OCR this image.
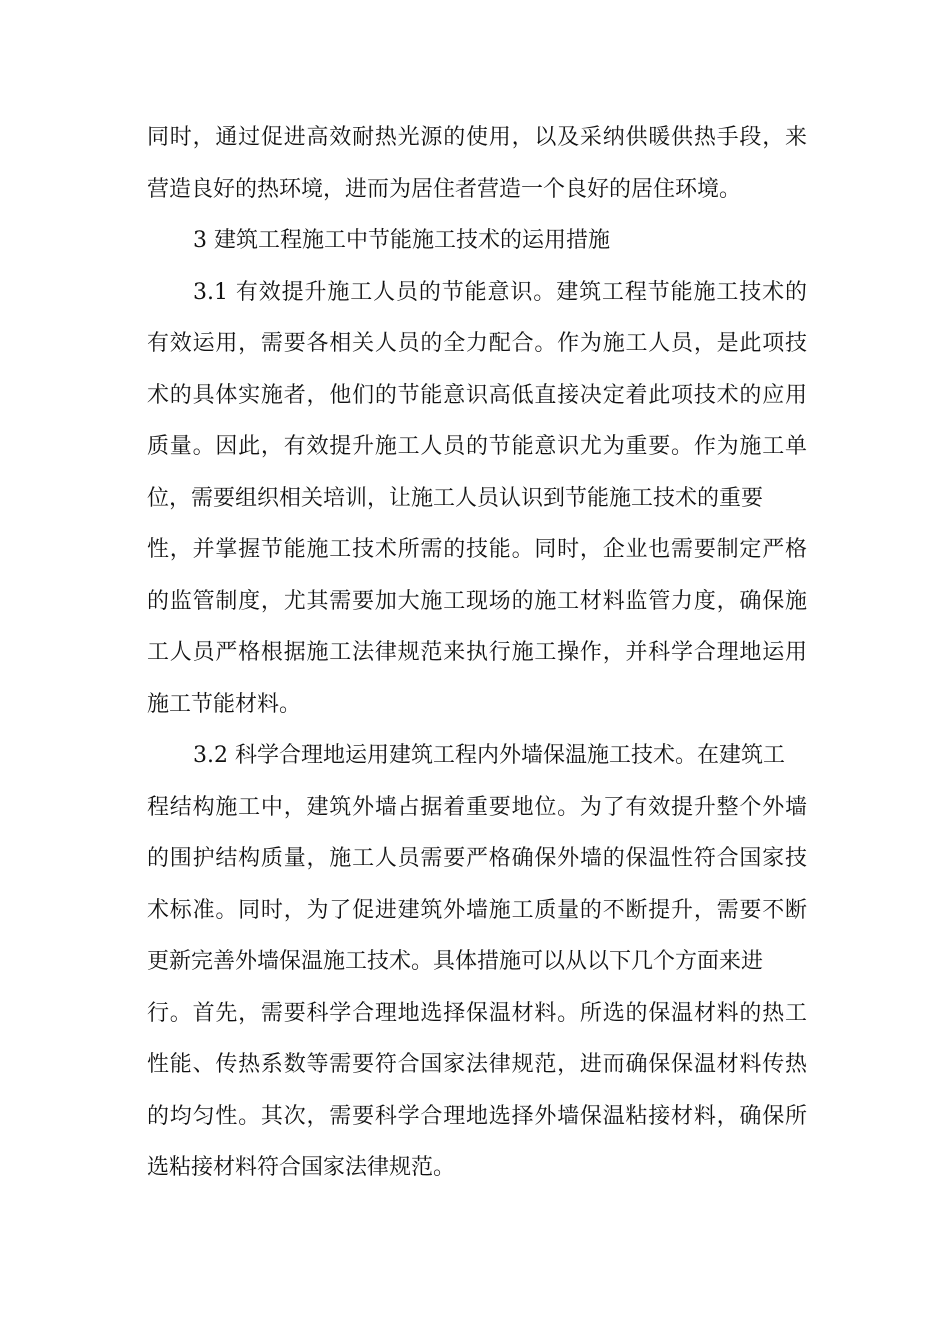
同时，通过促进高效耐热光源的使用，以及采纳供暖供热手段，来
营造良好的热环境，进而为居住者营造一个良好的居住环境。
3 建筑工程施工中节能施工技术的运用措施
3.1 有效提升施工人员的节能意识。建筑工程节能施工技术的
有效运用，需要各相关人员的全力配合。作为施工人员，是此项技
术的具体实施者，他们的节能意识高低直接决定着此项技术的应用
质量。因此，有效提升施工人员的节能意识尤为重要。作为施工单
位，需要组织相关培训，让施工人员认识到节能施工技术的重要
性，并掌握节能施工技术所需的技能。同时，企业也需要制定严格
的监管制度，尤其需要加大施工现场的施工材料监管力度，确保施
工人员严格根据施工法律规范来执行施工操作，并科学合理地运用
施工节能材料。
3.2 科学合理地运用建筑工程内外墙保温施工技术。在建筑工
程结构施工中，建筑外墙占据着重要地位。为了有效提升整个外墙
的围护结构质量，施工人员需要严格确保外墙的保温性符合国家技
术标准。同时，为了促进建筑外墙施工质量的不断提升，需要不断
更新完善外墙保温施工技术。具体措施可以从以下几个方面来进
行。首先，需要科学合理地选择保温材料。所选的保温材料的热工
性能、传热系数等需要符合国家法律规范，进而确保保温材料传热
的均匀性。其次，需要科学合理地选择外墙保温粘接材料，确保所
选粘接材料符合国家法律规范。
